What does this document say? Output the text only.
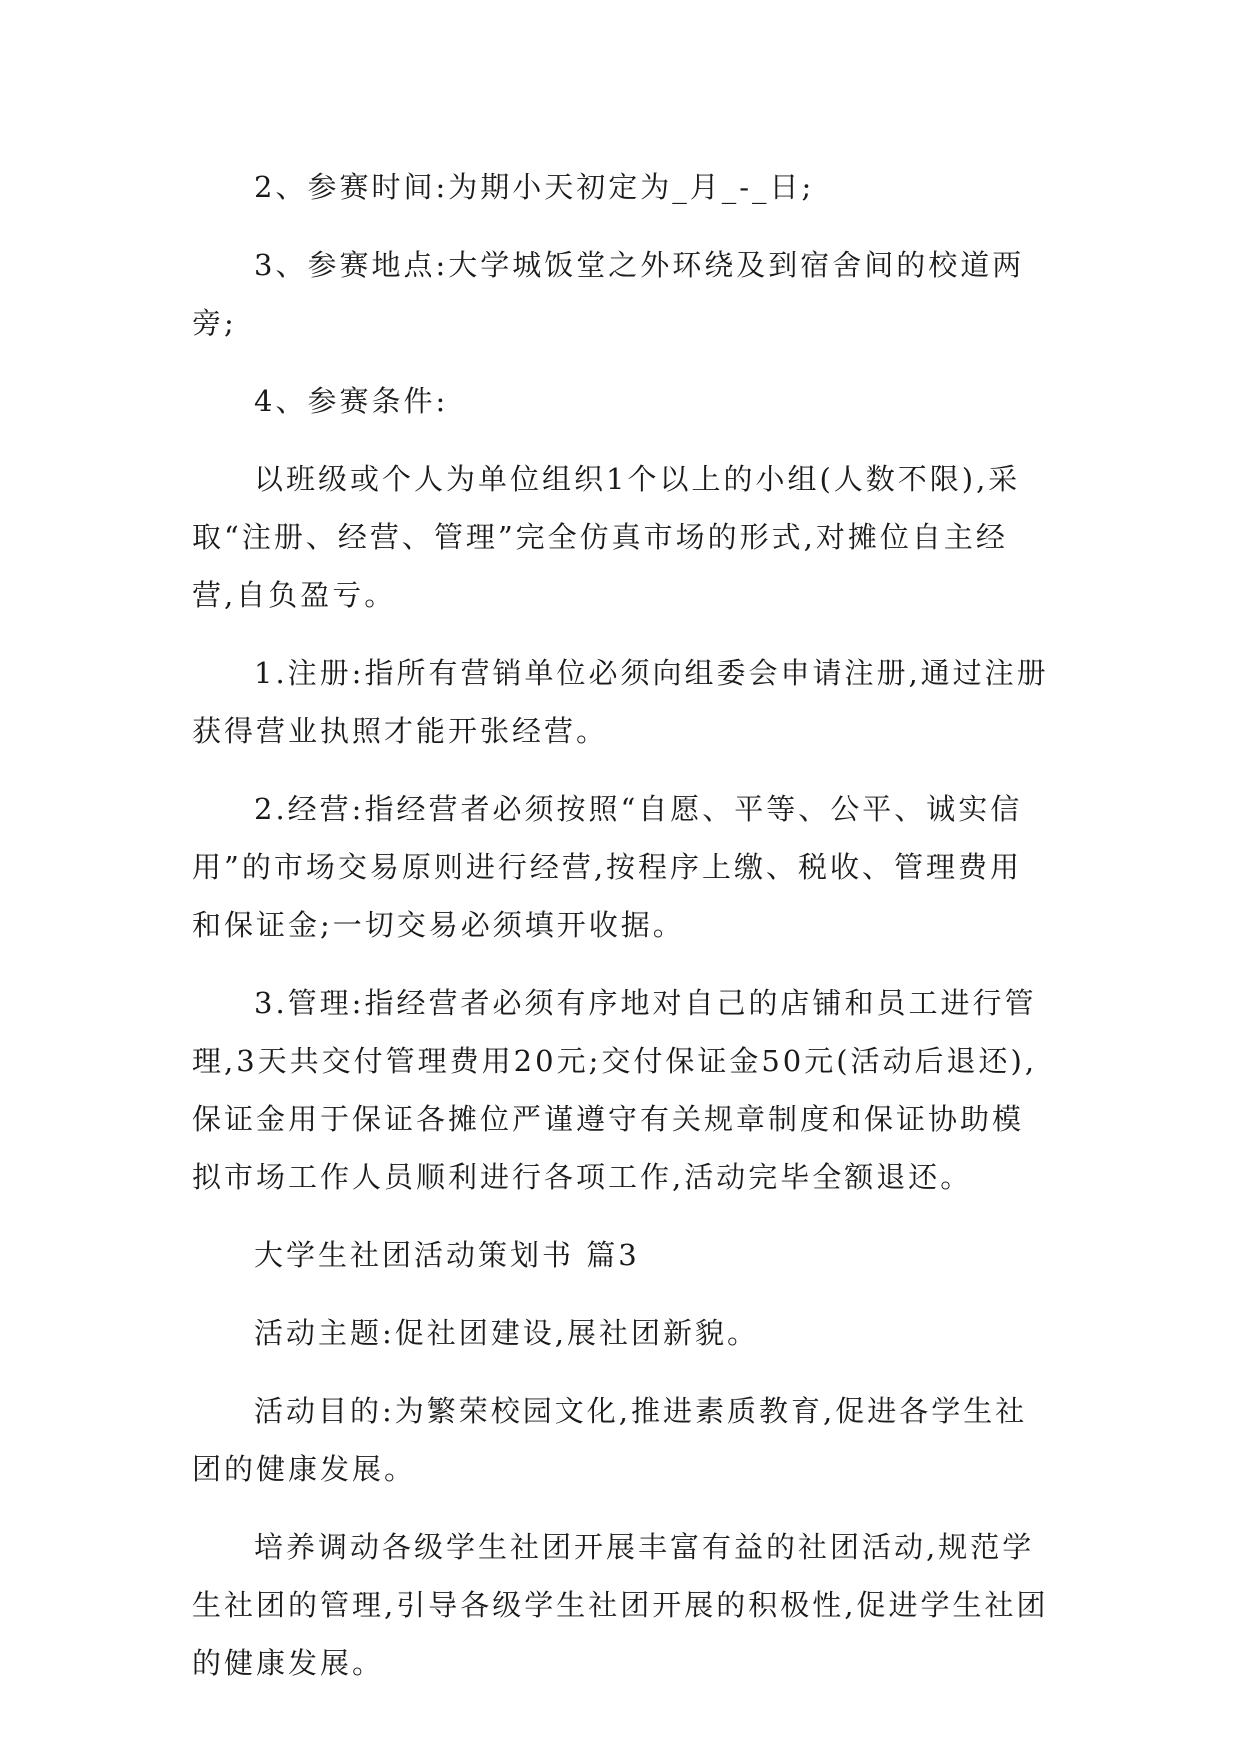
2、参赛时间:为期小天初定为_月_-_日;

3、参赛地点:大学城饭堂之外环绕及到宿舍间的校道两旁;

4、参赛条件:

以班级或个人为单位组织1个以上的小组(人数不限),采取“注册、经营、管理”完全仿真市场的形式,对摊位自主经营,自负盈亏。

1.注册:指所有营销单位必须向组委会申请注册,通过注册获得营业执照才能开张经营。

2.经营:指经营者必须按照“自愿、平等、公平、诚实信用”的市场交易原则进行经营,按程序上缴、税收、管理费用和保证金;一切交易必须填开收据。

3.管理:指经营者必须有序地对自己的店铺和员工进行管理,3天共交付管理费用20元;交付保证金50元(活动后退还),保证金用于保证各摊位严谨遵守有关规章制度和保证协助模拟市场工作人员顺利进行各项工作,活动完毕全额退还。

大学生社团活动策划书 篇3

活动主题:促社团建设,展社团新貌。

活动目的:为繁荣校园文化,推进素质教育,促进各学生社团的健康发展。

培养调动各级学生社团开展丰富有益的社团活动,规范学生社团的管理,引导各级学生社团开展的积极性,促进学生社团的健康发展。
